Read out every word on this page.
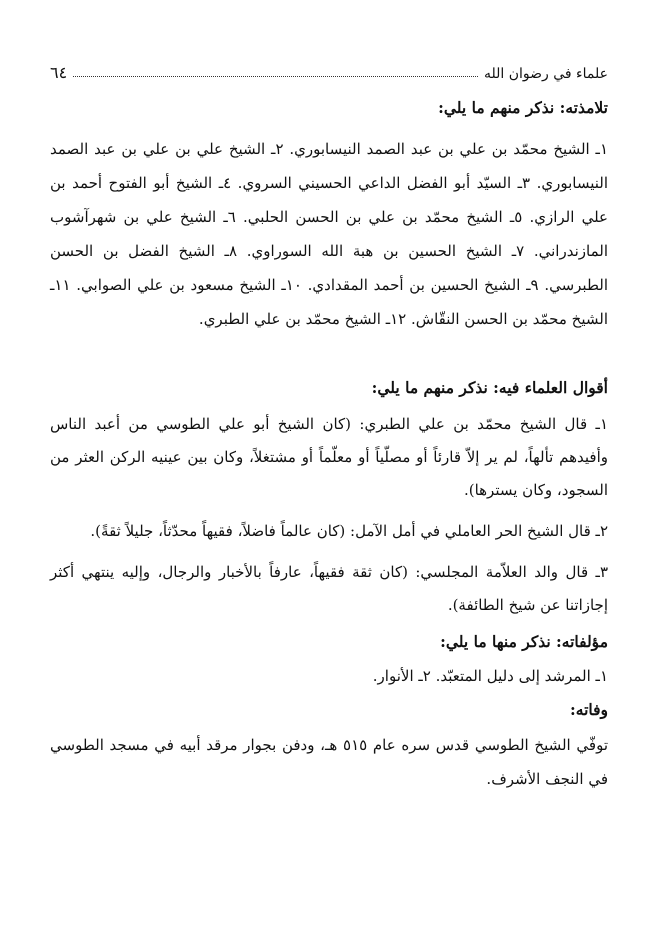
علماء في رضوان الله
٦٤

تلامذته: نذكر منهم ما يلي:

١ـ الشيخ محمّد بن علي بن عبد الصمد النيسابوري. ٢ـ الشيخ علي بن علي بن عبد الصمد النيسابوري. ٣ـ السيّد أبو الفضل الداعي الحسيني السروي. ٤ـ الشيخ أبو الفتوح أحمد بن علي الرازي. ٥ـ الشيخ محمّد بن علي بن الحسن الحلبي. ٦ـ الشيخ علي بن شهرآشوب المازندراني. ٧ـ الشيخ الحسين بن هبة الله السوراوي. ٨ـ الشيخ الفضل بن الحسن الطبرسي. ٩ـ الشيخ الحسين بن أحمد المقدادي. ١٠ـ الشيخ مسعود بن علي الصوابي. ١١ـ الشيخ محمّد بن الحسن النقّاش. ١٢ـ الشيخ محمّد بن علي الطبري.

أقوال العلماء فيه: نذكر منهم ما يلي:

١ـ قال الشيخ محمّد بن علي الطبري: (كان الشيخ أبو علي الطوسي من أعبد الناس وأفيدهم تألهاً، لم ير إلاّ قارئاً أو مصلّياً أو معلّماً أو مشتغلاً، وكان بين عينيه الركن العثر من السجود، وكان يسترها).

٢ـ قال الشيخ الحر العاملي في أمل الآمل: (كان عالماً فاضلاً، فقيهاً محدّثاً، جليلاً ثقةً).

٣ـ قال والد العلاّمة المجلسي: (كان ثقة فقيهاً، عارفاً بالأخبار والرجال، وإليه ينتهي أكثر إجازاتنا عن شيخ الطائفة).

مؤلفاته: نذكر منها ما يلي:

١ـ المرشد إلى دليل المتعبّد. ٢ـ الأنوار.

وفاته:

توفّي الشيخ الطوسي قدس سره عام ٥١٥ هـ، ودفن بجوار مرقد أبيه في مسجد الطوسي في النجف الأشرف.
